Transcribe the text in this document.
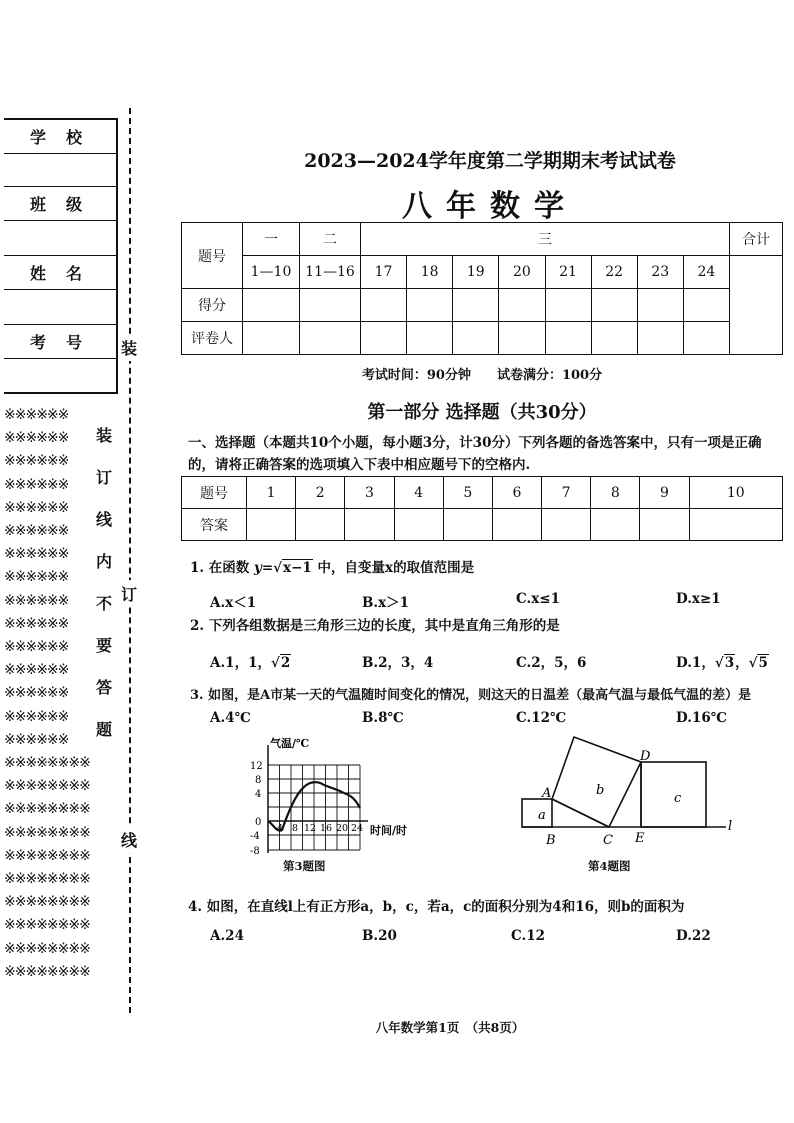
学校
班级
姓名
考号
※※※※※※
※※※※※※
※※※※※※
※※※※※※
※※※※※※
※※※※※※
※※※※※※
※※※※※※
※※※※※※
※※※※※※
※※※※※※
※※※※※※
※※※※※※
※※※※※※
※※※※※※
※※※※※※※※
※※※※※※※※
※※※※※※※※
※※※※※※※※
※※※※※※※※
※※※※※※※※
※※※※※※※※
※※※※※※※※
※※※※※※※※
※※※※※※※※
装
订
线
内
不
要
答
题
装
订
线
2023—2024学年度第二学期期末考试试卷
八年数学
题号	一	二	三								合计
	1—10	11—16	17	18	19	20	21	22	23	24	
得分											
评卷人											
考试时间：90分钟　　试卷满分：100分
第一部分 选择题（共30分）
一、选择题（本题共10个小题，每小题3分，计30分）下列各题的备选答案中，只有一项是正确的，请将正确答案的选项填入下表中相应题号下的空格内.
题号	1	2	3	4	5	6	7	8	9	10
答案										
1. 在函数 y=√x−1 中，自变量x的取值范围是
A.x＜1	B.x＞1	C.x≤1	D.x≥1
2. 下列各组数据是三角形三边的长度，其中是直角三角形的是
A.1，1，√2	B.2，3，4	C.2，5，6	D.1，√3，√5
3. 如图，是A市某一天的气温随时间变化的情况，则这天的日温差（最高气温与最低气温的差）是
A.4℃	B.8℃	C.12℃	D.16℃
气温/℃
时间/时
12
8
4
0
-4
-8
4 8 12 16 20 24
第3题图
A
B	C
D
E
a
b
c
l
第4题图
4. 如图，在直线l上有正方形a，b，c，若a，c的面积分别为4和16，则b的面积为
A.24	B.20	C.12	D.22
八年数学第1页　（共8页）
